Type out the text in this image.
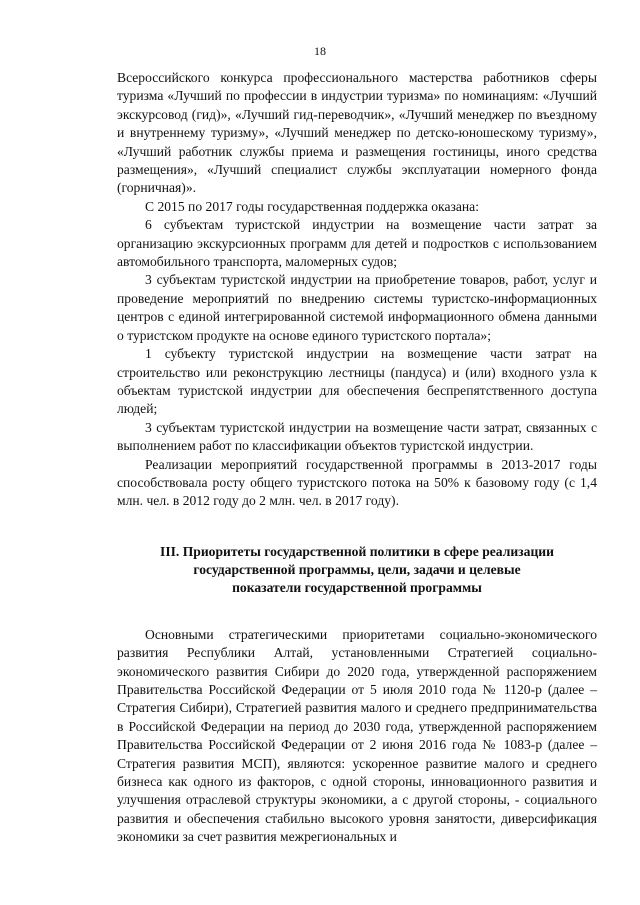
18

Всероссийского конкурса профессионального мастерства работников сферы туризма «Лучший по профессии в индустрии туризма» по номинациям: «Лучший экскурсовод (гид)», «Лучший гид-переводчик», «Лучший менеджер по въездному и внутреннему туризму», «Лучший менеджер по детско-юношескому туризму», «Лучший работник службы приема и размещения гостиницы, иного средства размещения», «Лучший специалист службы эксплуатации номерного фонда (горничная)».

С 2015 по 2017 годы государственная поддержка оказана:

6 субъектам туристской индустрии на возмещение части затрат за организацию экскурсионных программ для детей и подростков с использованием автомобильного транспорта, маломерных судов;

3 субъектам туристской индустрии на приобретение товаров, работ, услуг и проведение мероприятий по внедрению системы туристско-информационных центров с единой интегрированной системой информационного обмена данными о туристском продукте на основе единого туристского портала»;

1 субъекту туристской индустрии на возмещение части затрат на строительство или реконструкцию лестницы (пандуса) и (или) входного узла к объектам туристской индустрии для обеспечения беспрепятственного доступа людей;

3 субъектам туристской индустрии на возмещение части затрат, связанных с выполнением работ по классификации объектов туристской индустрии.

Реализации мероприятий государственной программы в 2013-2017 годы способствовала росту общего туристского потока на 50% к базовому году (с 1,4 млн. чел. в 2012 году до 2 млн. чел. в 2017 году).

III. Приоритеты государственной политики в сфере реализации
государственной программы, цели, задачи и целевые
показатели государственной программы

Основными стратегическими приоритетами социально-экономического развития Республики Алтай, установленными Стратегией социально-экономического развития Сибири до 2020 года, утвержденной распоряжением Правительства Российской Федерации от 5 июля 2010 года № 1120-р (далее – Стратегия Сибири), Стратегией развития малого и среднего предпринимательства в Российской Федерации на период до 2030 года, утвержденной распоряжением Правительства Российской Федерации от 2 июня 2016 года № 1083-р (далее – Стратегия развития МСП), являются: ускоренное развитие малого и среднего бизнеса как одного из факторов, с одной стороны, инновационного развития и улучшения отраслевой структуры экономики, а с другой стороны, - социального развития и обеспечения стабильно высокого уровня занятости, диверсификация экономики за счет развития межрегиональных и
